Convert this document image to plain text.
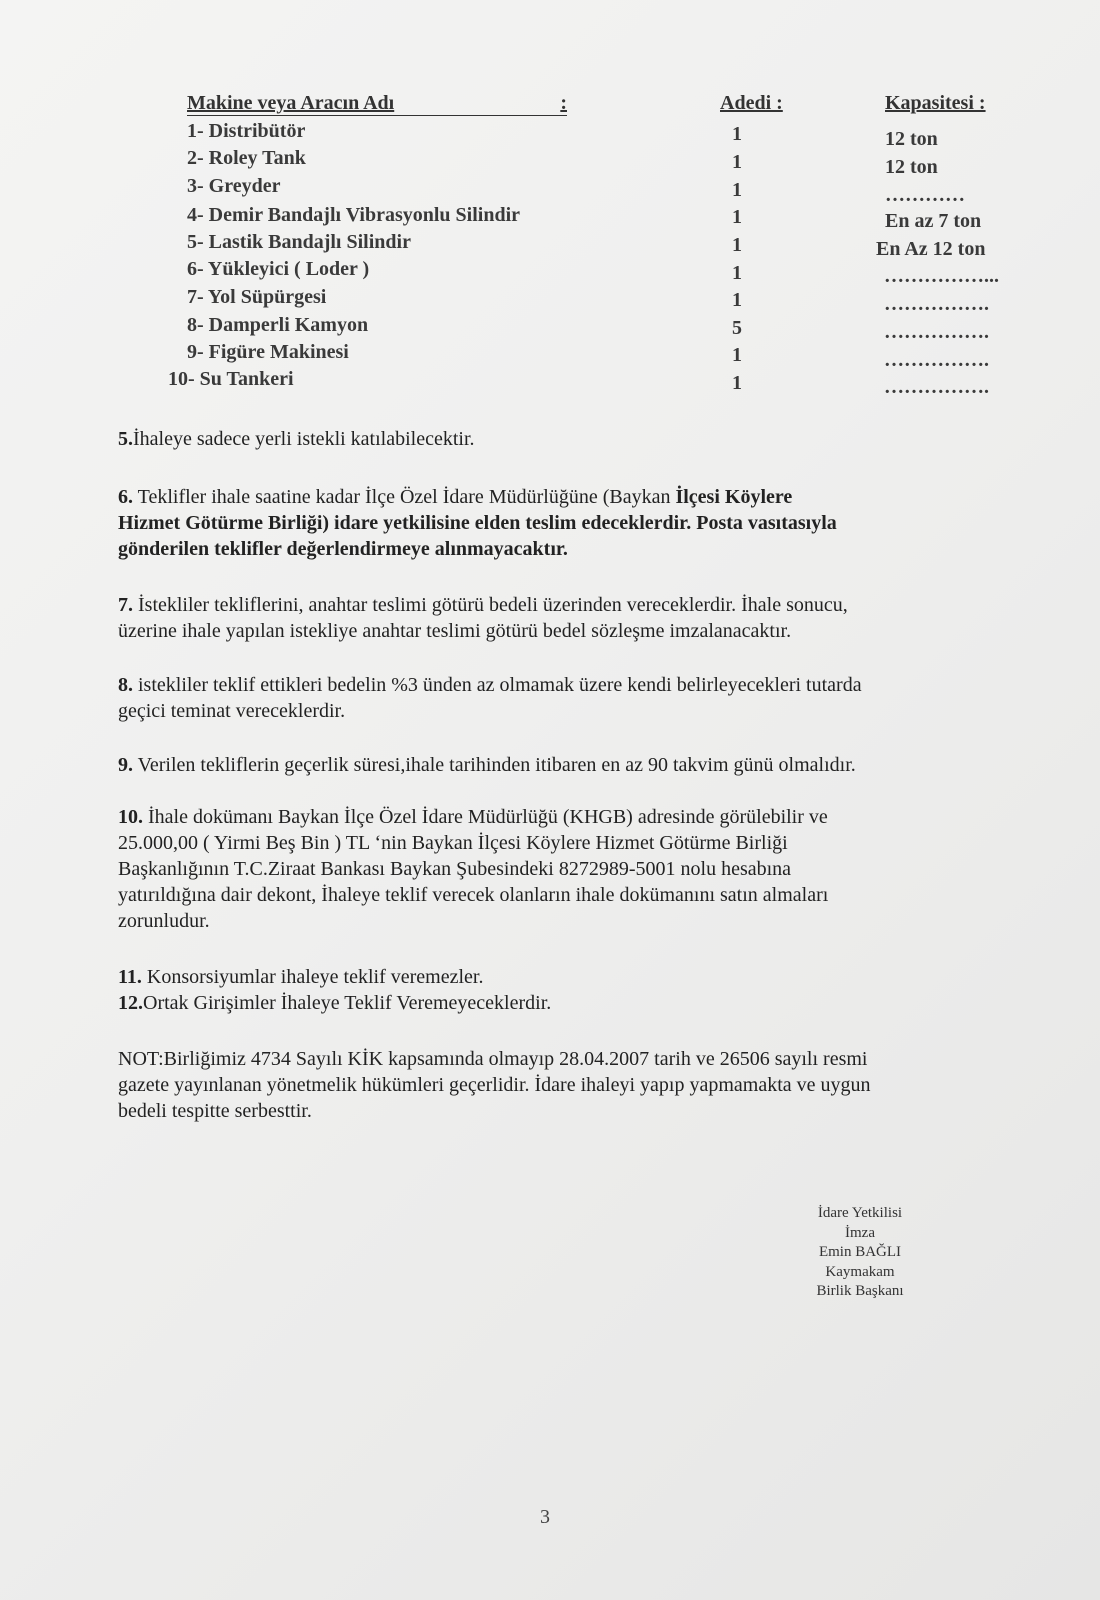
Makine veya Aracın Adı	:	Adedi :	Kapasitesi :
1- Distribütör	1	12 ton
2- Roley Tank	1	12 ton
3- Greyder	1	…………
4- Demir Bandajlı Vibrasyonlu Silindir	1	En az 7 ton
5- Lastik Bandajlı Silindir	1	En Az 12 ton
6- Yükleyici ( Loder )	1	……………...
7- Yol Süpürgesi	1	…………….
8- Damperli Kamyon	5	…………….
9- Figüre Makinesi	1	…………….
10- Su Tankeri	1	…………….
5.İhaleye sadece yerli istekli katılabilecektir.
6. Teklifler ihale saatine kadar İlçe Özel İdare Müdürlüğüne (Baykan İlçesi Köylere
Hizmet Götürme Birliği) idare yetkilisine elden teslim edeceklerdir. Posta vasıtasıyla
gönderilen teklifler değerlendirmeye alınmayacaktır.
7. İstekliler tekliflerini, anahtar teslimi götürü bedeli üzerinden vereceklerdir. İhale sonucu,
üzerine ihale yapılan istekliye anahtar teslimi götürü bedel sözleşme imzalanacaktır.
8. istekliler teklif ettikleri bedelin %3 ünden az olmamak üzere kendi belirleyecekleri tutarda
geçici teminat vereceklerdir.
9. Verilen tekliflerin geçerlik süresi,ihale tarihinden itibaren en az 90 takvim günü olmalıdır.
10. İhale dokümanı Baykan İlçe Özel İdare Müdürlüğü (KHGB) adresinde görülebilir ve
25.000,00 ( Yirmi Beş Bin ) TL ‘nin Baykan İlçesi Köylere Hizmet Götürme Birliği
Başkanlığının T.C.Ziraat Bankası Baykan Şubesindeki 8272989-5001 nolu hesabına
yatırıldığına dair dekont, İhaleye teklif verecek olanların ihale dokümanını satın almaları
zorunludur.
11. Konsorsiyumlar ihaleye teklif veremezler.
12.Ortak Girişimler İhaleye Teklif Veremeyeceklerdir.
NOT:Birliğimiz 4734 Sayılı KİK kapsamında olmayıp 28.04.2007 tarih ve 26506 sayılı resmi
gazete yayınlanan yönetmelik hükümleri geçerlidir. İdare ihaleyi yapıp yapmamakta ve uygun
bedeli tespitte serbesttir.
İdare Yetkilisi
İmza
Emin BAĞLI
Kaymakam
Birlik Başkanı
3
